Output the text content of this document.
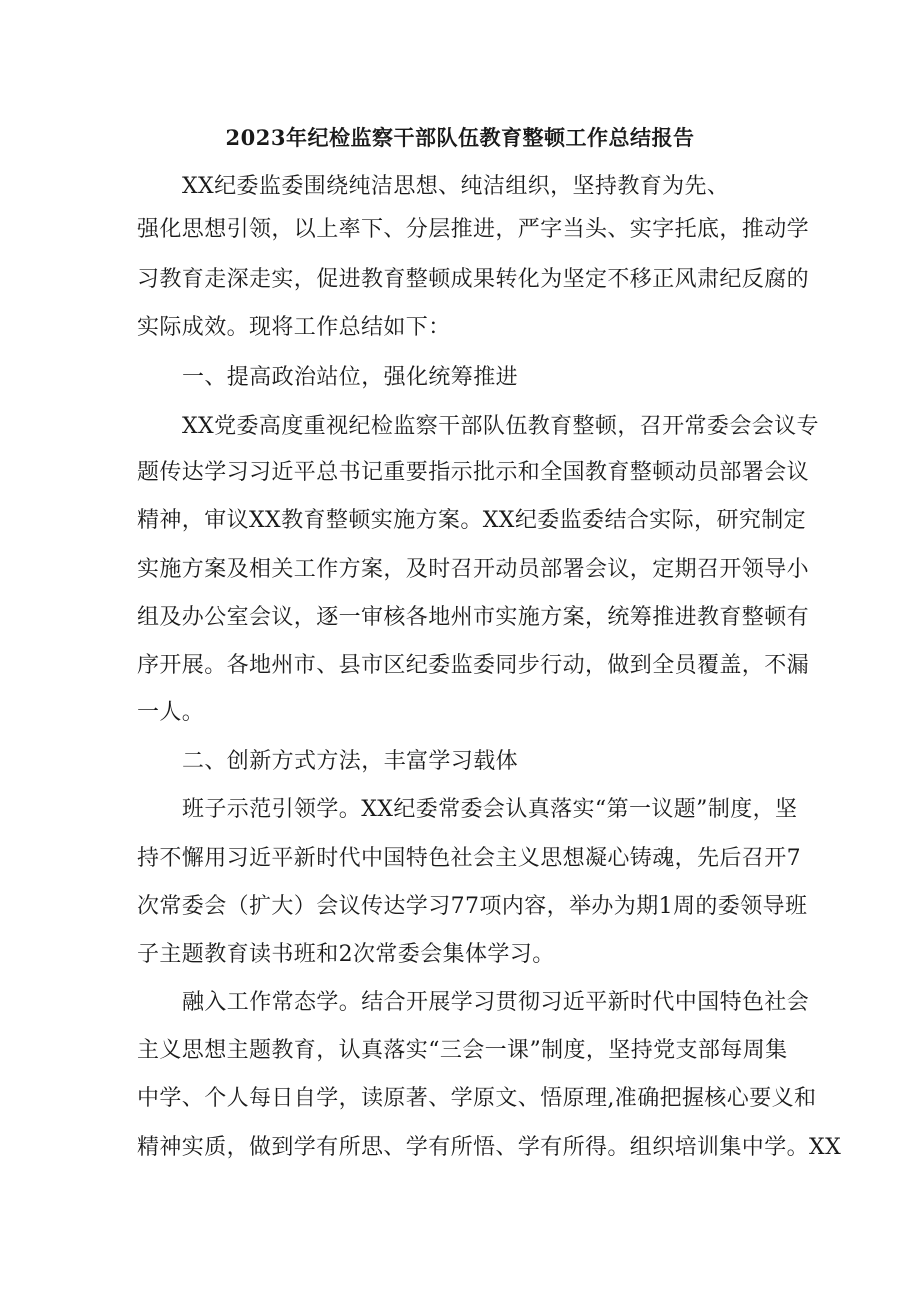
2023年纪检监察干部队伍教育整顿工作总结报告
XX纪委监委围绕纯洁思想、纯洁组织，坚持教育为先、
强化思想引领，以上率下、分层推进，严字当头、实字托底，推动学
习教育走深走实，促进教育整顿成果转化为坚定不移正风肃纪反腐的
实际成效。现将工作总结如下：
一、提高政治站位，强化统筹推进
XX党委高度重视纪检监察干部队伍教育整顿，召开常委会会议专
题传达学习习近平总书记重要指示批示和全国教育整顿动员部署会议
精神，审议XX教育整顿实施方案。XX纪委监委结合实际，研究制定
实施方案及相关工作方案，及时召开动员部署会议，定期召开领导小
组及办公室会议，逐一审核各地州市实施方案，统筹推进教育整顿有
序开展。各地州市、县市区纪委监委同步行动，做到全员覆盖，不漏
一人。
二、创新方式方法，丰富学习载体
班子示范引领学。XX纪委常委会认真落实“第一议题”制度，坚
持不懈用习近平新时代中国特色社会主义思想凝心铸魂，先后召开7
次常委会（扩大）会议传达学习77项内容，举办为期1周的委领导班
子主题教育读书班和2次常委会集体学习。
融入工作常态学。结合开展学习贯彻习近平新时代中国特色社会
主义思想主题教育，认真落实“三会一课”制度，坚持党支部每周集
中学、个人每日自学，读原著、学原文、悟原理,准确把握核心要义和
精神实质，做到学有所思、学有所悟、学有所得。组织培训集中学。XX
